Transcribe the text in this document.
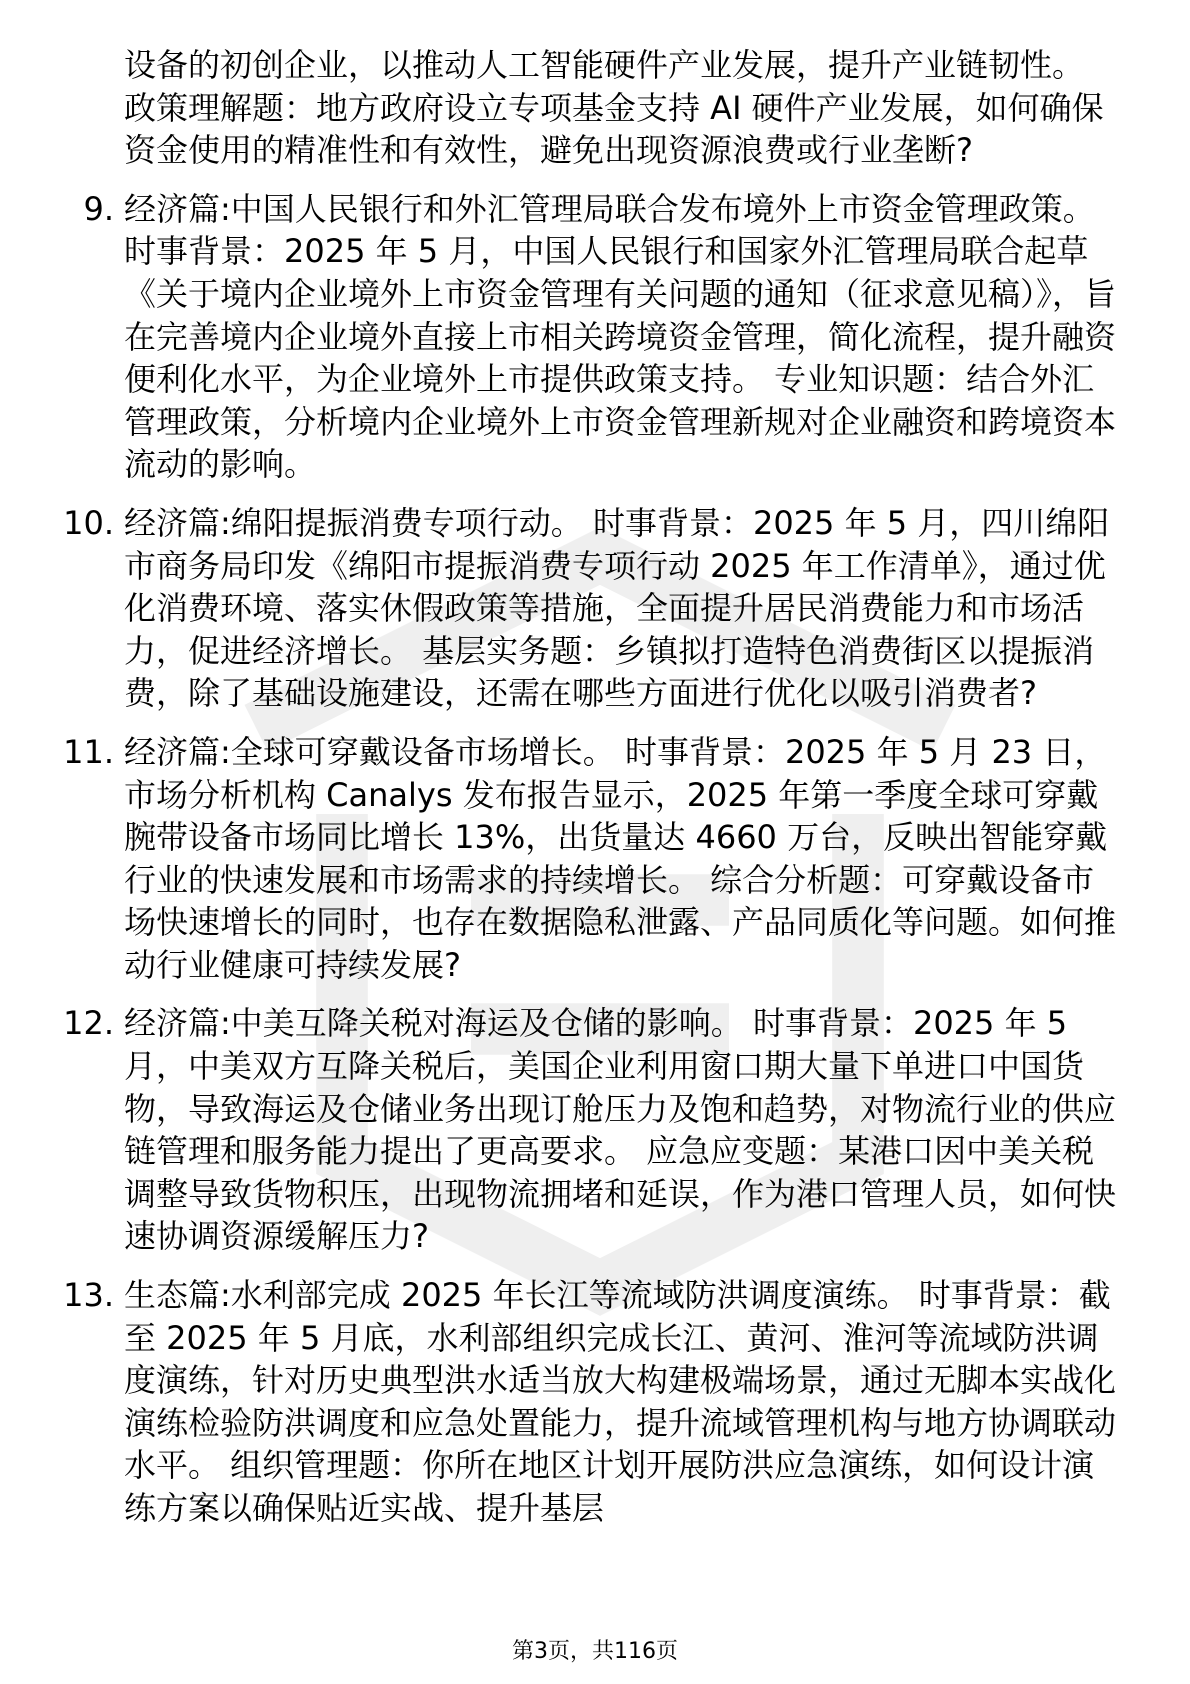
设备的初创企业，以推动人工智能硬件产业发展，提升产业链韧性。 政策理解题：地方政府设立专项基金支持 AI 硬件产业发展，如何确保资金使用的精准性和有效性，避免出现资源浪费或行业垄断?
9. 经济篇:中国人民银行和外汇管理局联合发布境外上市资金管理政策。 时事背景：2025 年 5 月，中国人民银行和国家外汇管理局联合起草《关于境内企业境外上市资金管理有关问题的通知（征求意见稿）》，旨在完善境内企业境外直接上市相关跨境资金管理，简化流程，提升融资便利化水平，为企业境外上市提供政策支持。 专业知识题：结合外汇管理政策，分析境内企业境外上市资金管理新规对企业融资和跨境资本流动的影响。
10. 经济篇:绵阳提振消费专项行动。 时事背景：2025 年 5 月，四川绵阳市商务局印发《绵阳市提振消费专项行动 2025 年工作清单》，通过优化消费环境、落实休假政策等措施，全面提升居民消费能力和市场活力，促进经济增长。 基层实务题：乡镇拟打造特色消费街区以提振消费，除了基础设施建设，还需在哪些方面进行优化以吸引消费者?
11. 经济篇:全球可穿戴设备市场增长。 时事背景：2025 年 5 月 23 日，市场分析机构 Canalys 发布报告显示，2025 年第一季度全球可穿戴腕带设备市场同比增长 13%，出货量达 4660 万台，反映出智能穿戴行业的快速发展和市场需求的持续增长。 综合分析题：可穿戴设备市场快速增长的同时，也存在数据隐私泄露、产品同质化等问题。如何推动行业健康可持续发展?
12. 经济篇:中美互降关税对海运及仓储的影响。 时事背景：2025 年 5 月，中美双方互降关税后，美国企业利用窗口期大量下单进口中国货物，导致海运及仓储业务出现订舱压力及饱和趋势，对物流行业的供应链管理和服务能力提出了更高要求。 应急应变题：某港口因中美关税调整导致货物积压，出现物流拥堵和延误，作为港口管理人员，如何快速协调资源缓解压力?
13. 生态篇:水利部完成 2025 年长江等流域防洪调度演练。 时事背景：截至 2025 年 5 月底，水利部组织完成长江、黄河、淮河等流域防洪调度演练，针对历史典型洪水适当放大构建极端场景，通过无脚本实战化演练检验防洪调度和应急处置能力，提升流域管理机构与地方协调联动水平。 组织管理题：你所在地区计划开展防洪应急演练，如何设计演练方案以确保贴近实战、提升基层
第3页，共116页
